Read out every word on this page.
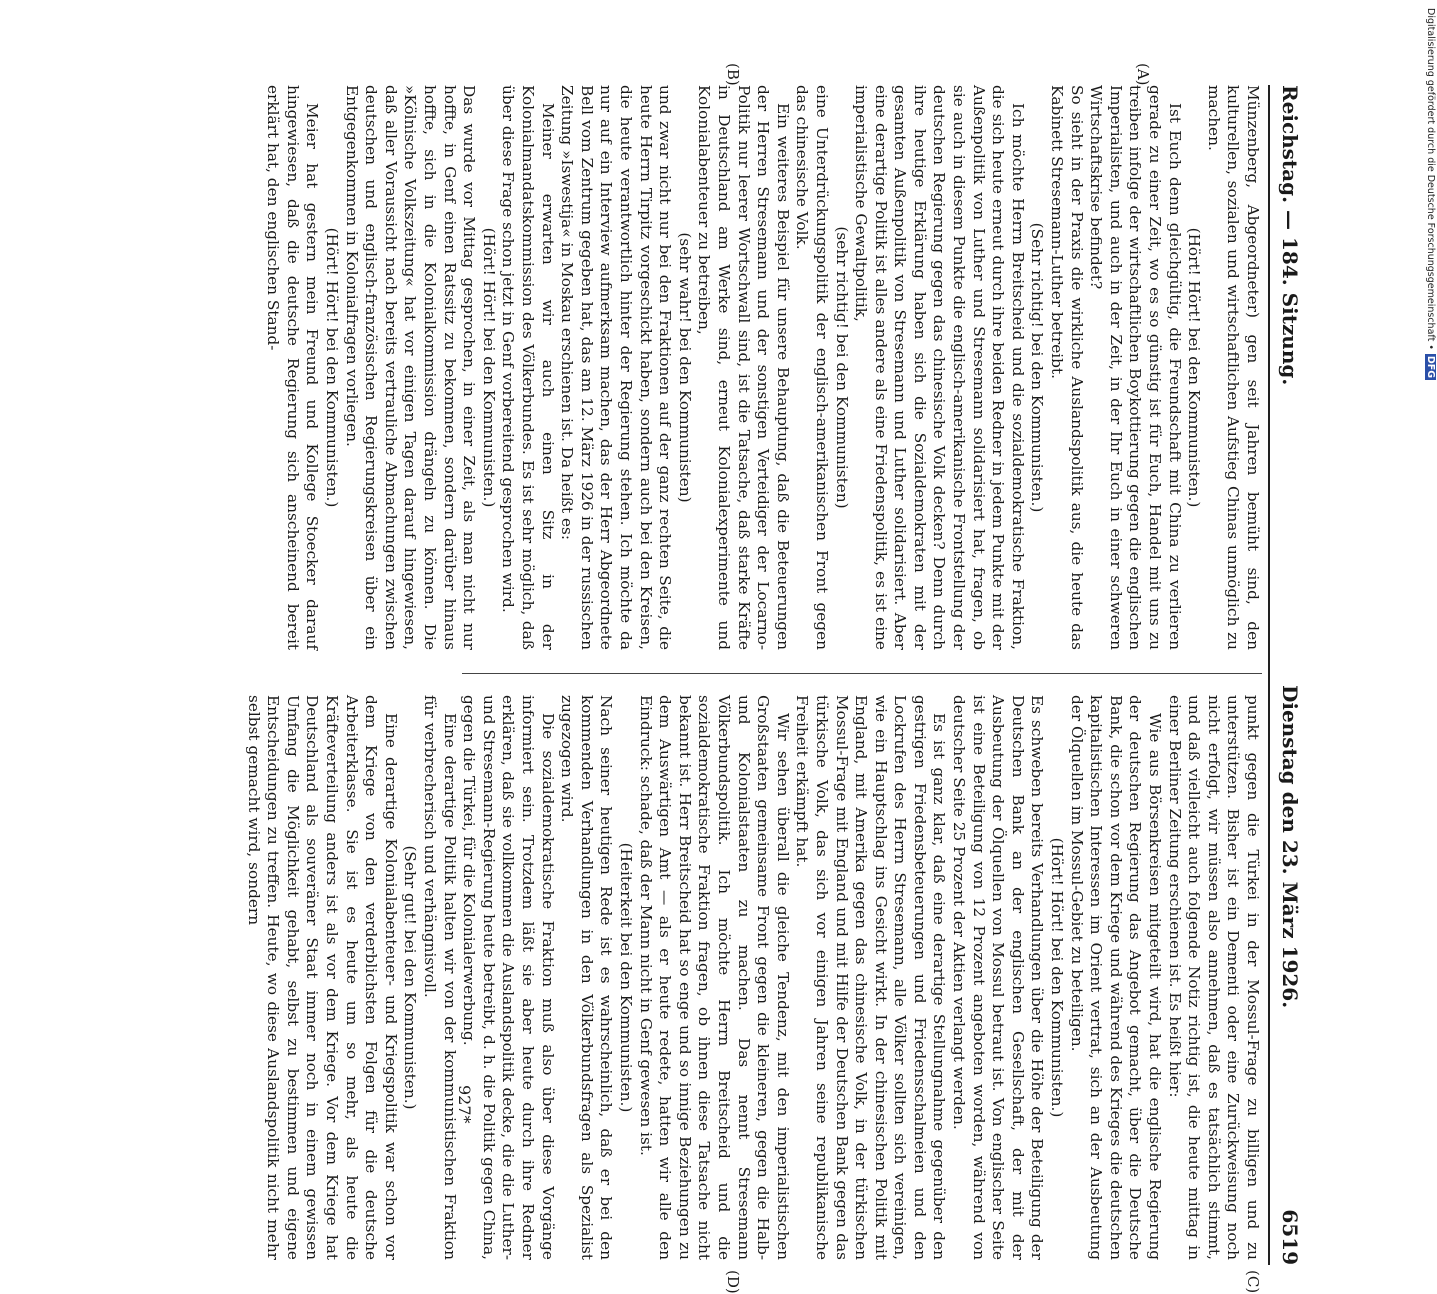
Reichstag. — 184. Sitzung.
Dienstag den 23. März 1926.
6519
(A)
(B)
(C)
(D)

Münzenberg, Abgeordneter) gen seit Jahren bemüht sind, den kulturellen, sozialen und wirtschaftlichen Aufstieg Chinas unmöglich zu machen.

(Hört! Hört! bei den Kommunisten.)

Ist Euch denn gleichgültig, die Freundschaft mit China zu verlieren gerade zu einer Zeit, wo es so günstig ist für Euch, Handel mit uns zu treiben infolge der wirtschaftlichen Boykottierung gegen die englischen Imperialisten, und auch in der Zeit, in der Ihr Euch in einer schweren Wirtschaftskrise befindet?

So sieht in der Praxis die wirkliche Auslandspolitik aus, die heute das Kabinett Stresemann-Luther betreibt.

(Sehr richtig! bei den Kommunisten.)

Ich möchte Herrn Breitscheid und die sozialdemokratische Fraktion, die sich heute erneut durch ihre beiden Redner in jedem Punkte mit der Außenpolitik von Luther und Stresemann solidarisiert hat, fragen, ob sie auch in diesem Punkte die englisch-amerikanische Frontstellung der deutschen Regierung gegen das chinesische Volk decken? Denn durch ihre heutige Erklärung haben sich die Sozialdemokraten mit der gesamten Außenpolitik von Stresemann und Luther solidarisiert. Aber eine derartige Politik ist alles andere als eine Friedenspolitik, es ist eine imperialistische Gewaltpolitik,

(sehr richtig! bei den Kommunisten)

eine Unterdrückungspolitik der englisch-amerikanischen Front gegen das chinesische Volk.

Ein weiteres Beispiel für unsere Behauptung, daß die Beteuerungen der Herren Stresemann und der sonstigen Verteidiger der Locarno-Politik nur leerer Wortschwall sind, ist die Tatsache, daß starke Kräfte in Deutschland am Werke sind, erneut Kolonialexperimente und Kolonialabenteuer zu betreiben,

(sehr wahr! bei den Kommunisten)

und zwar nicht nur bei den Fraktionen auf der ganz rechten Seite, die heute Herrn Tirpitz vorgeschickt haben, sondern auch bei den Kreisen, die heute verantwortlich hinter der Regierung stehen. Ich möchte da nur auf ein Interview aufmerksam machen, das der Herr Abgeordnete Bell vom Zentrum gegeben hat, das am 12. März 1926 in der russischen Zeitung »Iswestija« in Moskau erschienen ist. Da heißt es:

Meiner erwarten wir auch einen Sitz in der Kolonialmandatskommission des Völkerbundes. Es ist sehr möglich, daß über diese Frage schon jetzt in Genf vorbereitend gesprochen wird.

(Hört! Hört! bei den Kommunisten.)

Das wurde vor Mittag gesprochen, in einer Zeit, als man nicht nur hoffte, in Genf einen Ratssitz zu bekommen, sondern darüber hinaus hoffte, sich in die Kolonialkommission drängeln zu können. Die »Kölnische Volkszeitung« hat vor einigen Tagen darauf hingewiesen, daß aller Voraussicht nach bereits vertrauliche Abmachungen zwischen deutschen und englisch-französischen Regierungskreisen über ein Entgegenkommen in Kolonialfragen vorliegen.

(Hört! Hört! bei den Kommunisten.)

Meier hat gestern mein Freund und Kollege Stoecker darauf hingewiesen, daß die deutsche Regierung sich anscheinend bereit erklärt hat, den englischen Stand-

punkt gegen die Türkei in der Mossul-Frage zu billigen und zu unterstützen. Bisher ist ein Dementi oder eine Zurückweisung noch nicht erfolgt, wir müssen also annehmen, daß es tatsächlich stimmt, und daß vielleicht auch folgende Notiz richtig ist, die heute mittag in einer Berliner Zeitung erschienen ist. Es heißt hier:

Wie aus Börsenkreisen mitgeteilt wird, hat die englische Regierung der deutschen Regierung das Angebot gemacht, über die Deutsche Bank, die schon vor dem Kriege und während des Krieges die deutschen kapitalistischen Interessen im Orient vertrat, sich an der Ausbeutung der Ölquellen im Mossul-Gebiet zu beteiligen.

(Hört! Hört! bei den Kommunisten.)

Es schweben bereits Verhandlungen über die Höhe der Beteiligung der Deutschen Bank an der englischen Gesellschaft, der mit der Ausbeutung der Ölquellen von Mossul betraut ist. Von englischer Seite ist eine Beteiligung von 12 Prozent angeboten worden, während von deutscher Seite 25 Prozent der Aktien verlangt werden.

Es ist ganz klar, daß eine derartige Stellungnahme gegenüber den gestrigen Friedensbeteuerungen und Friedensschalmeien und den Lockrufen des Herrn Stresemann, alle Völker sollten sich vereinigen, wie ein Hauptschlag ins Gesicht wirkt. In der chinesischen Politik mit England, mit Amerika gegen das chinesische Volk, in der türkischen Mossul-Frage mit England und mit Hilfe der Deutschen Bank gegen das türkische Volk, das sich vor einigen Jahren seine republikanische Freiheit erkämpft hat.

Wir sehen überall die gleiche Tendenz, mit den imperialistischen Großstaaten gemeinsame Front gegen die kleineren, gegen die Halb- und Kolonialstaaten zu machen. Das nennt Stresemann Völkerbundspolitik. Ich möchte Herrn Breitscheid und die sozialdemokratische Fraktion fragen, ob ihnen diese Tatsache nicht bekannt ist. Herr Breitscheid hat so enge und so innige Beziehungen zu dem Auswärtigen Amt — als er heute redete, hatten wir alle den Eindruck: schade, daß der Mann nicht in Genf gewesen ist.

(Heiterkeit bei den Kommunisten.)

Nach seiner heutigen Rede ist es wahrscheinlich, daß er bei den kommenden Verhandlungen in den Völkerbundsfragen als Spezialist zugezogen wird.

Die sozialdemokratische Fraktion muß also über diese Vorgänge informiert sein. Trotzdem läßt sie aber heute durch ihre Redner erklären, daß sie vollkommen die Auslandspolitik decke, die die Luther- und Stresemann-Regierung heute betreibt, d. h. die Politik gegen China, gegen die Türkei, für die Kolonialerwerbung.

Eine derartige Politik halten wir von der kommunistischen Fraktion für verbrecherisch und verhängnisvoll.

(Sehr gut! bei den Kommunisten.)

Eine derartige Kolonialabenteuer- und Kriegspolitik war schon vor dem Kriege von den verderblichsten Folgen für die deutsche Arbeiterklasse. Sie ist es heute um so mehr, als heute die Kräfteverteilung anders ist als vor dem Kriege. Vor dem Kriege hat Deutschland als souveräner Staat immer noch in einem gewissen Umfang die Möglichkeit gehabt, selbst zu bestimmen und eigene Entscheidungen zu treffen. Heute, wo diese Auslandspolitik nicht mehr selbst gemacht wird, sondern

927*
Digitalisierung gefördert durch die Deutsche Forschungsgemeinschaft •DFG
